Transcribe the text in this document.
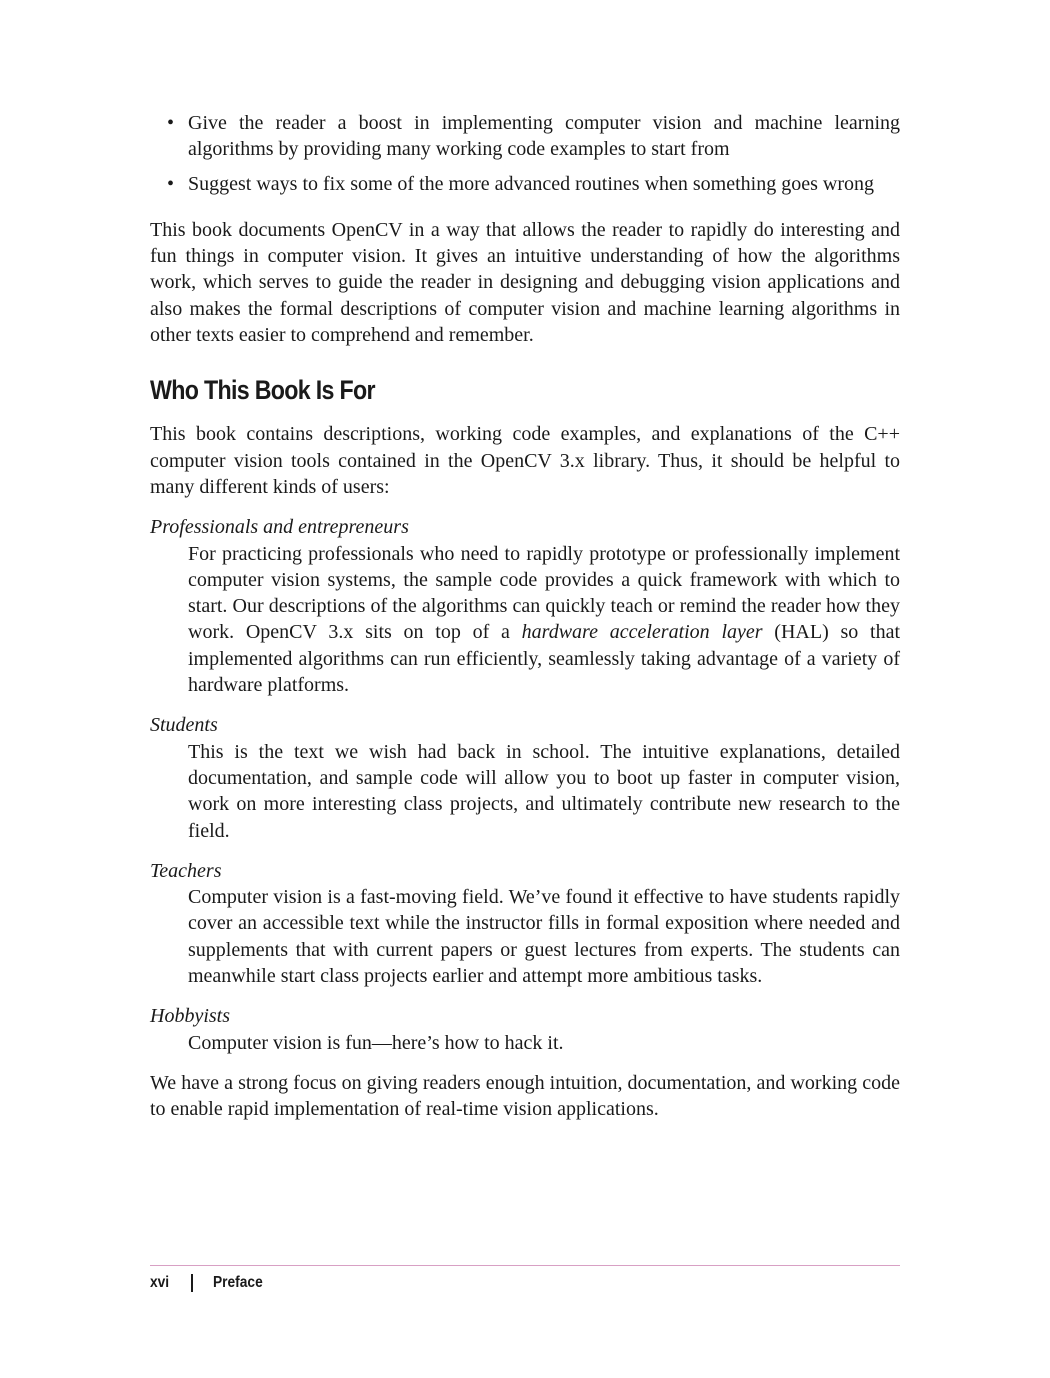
• Give the reader a boost in implementing computer vision and machine learning algorithms by providing many working code examples to start from
• Suggest ways to fix some of the more advanced routines when something goes wrong

This book documents OpenCV in a way that allows the reader to rapidly do interesting and fun things in computer vision. It gives an intuitive understanding of how the algorithms work, which serves to guide the reader in designing and debugging vision applications and also makes the formal descriptions of computer vision and machine learning algorithms in other texts easier to comprehend and remember.

Who This Book Is For

This book contains descriptions, working code examples, and explanations of the C++ computer vision tools contained in the OpenCV 3.x library. Thus, it should be helpful to many different kinds of users:

Professionals and entrepreneurs
For practicing professionals who need to rapidly prototype or professionally implement computer vision systems, the sample code provides a quick framework with which to start. Our descriptions of the algorithms can quickly teach or remind the reader how they work. OpenCV 3.x sits on top of a hardware acceleration layer (HAL) so that implemented algorithms can run efficiently, seamlessly taking advantage of a variety of hardware platforms.
Students
This is the text we wish had back in school. The intuitive explanations, detailed documentation, and sample code will allow you to boot up faster in computer vision, work on more interesting class projects, and ultimately contribute new research to the field.
Teachers
Computer vision is a fast-moving field. We’ve found it effective to have students rapidly cover an accessible text while the instructor fills in formal exposition where needed and supplements that with current papers or guest lectures from experts. The students can meanwhile start class projects earlier and attempt more ambitious tasks.
Hobbyists
Computer vision is fun—here’s how to hack it.

We have a strong focus on giving readers enough intuition, documentation, and working code to enable rapid implementation of real-time vision applications.

xvi	Preface
